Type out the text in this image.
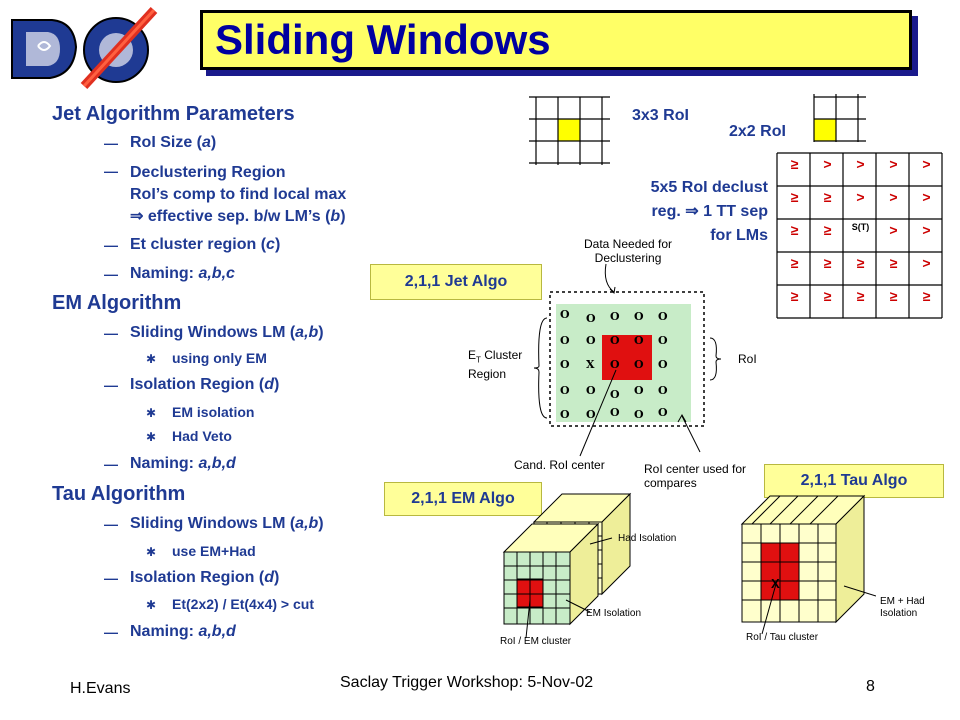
Sliding Windows
Jet Algorithm Parameters
— RoI Size (a)
— Declustering Region
RoI’s comp to find local max
⇒ effective sep. b/w LM’s (b)
— Et cluster region (c)
— Naming: a,b,c
EM Algorithm
— Sliding Windows LM (a,b)
✱ using only EM
— Isolation Region (d)
✱ EM isolation
✱ Had Veto
— Naming: a,b,d
Tau Algorithm
— Sliding Windows LM (a,b)
✱ use EM+Had
— Isolation Region (d)
✱ Et(2x2) / Et(4x4) > cut
— Naming: a,b,d
3x3 RoI
2x2 RoI
≥	>	>	>	>
≥	≥	>	>	>
≥	≥	S(T)	>	>
≥	≥	≥	≥	>
≥	≥	≥	≥	≥
5x5 RoI declust
reg. ⇒ 1 TT sep
for LMs
2,1,1 Jet Algo
Data Needed for
Declustering
O O O O O
O O O O O
O X O O O
O O O O O
O O O O O
$E_T$ Cluster
Region
RoI
Cand. RoI center	RoI center used for
compares
2,1,1 EM Algo
2,1,1 Tau Algo
Had Isolation
EM Isolation
RoI / EM cluster
X
EM + Had
Isolation
RoI / Tau cluster
H.Evans	Saclay Trigger Workshop: 5-Nov-02	8
